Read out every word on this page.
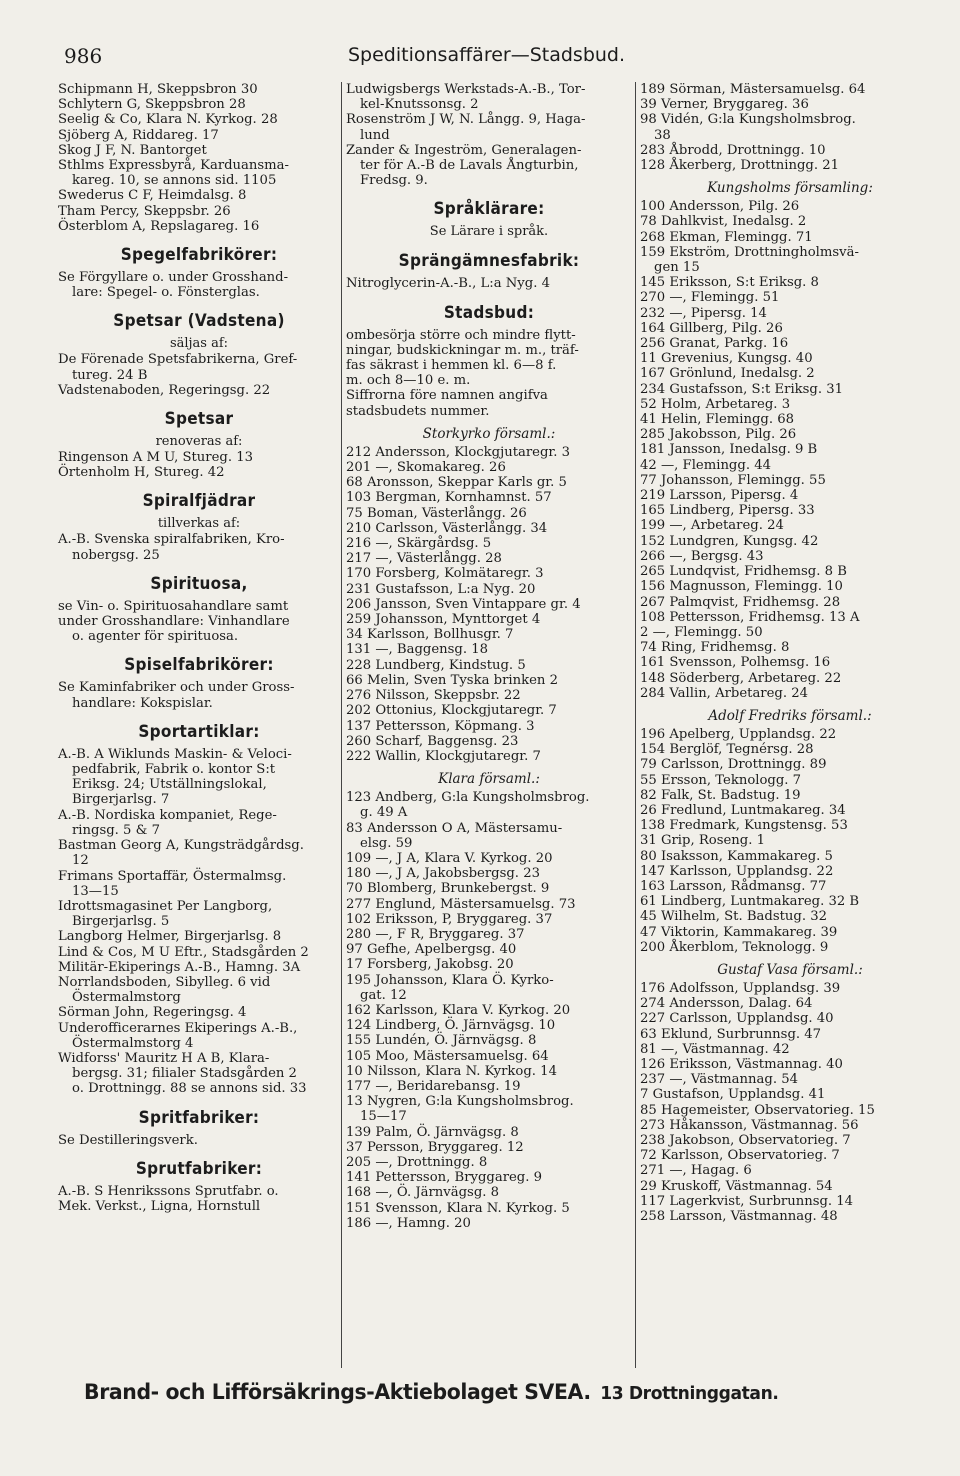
986	Speditionsaffärer—Stadsbud.
Schipmann H, Skeppsbron 30
Schlytern G, Skeppsbron 28
Seelig & Co, Klara N. Kyrkog. 28
Sjöberg A, Riddareg. 17
Skog J F, N. Bantorget
Sthlms Expressbyrå, Karduansma-
kareg. 10, se annons sid. 1105
Swederus C F, Heimdalsg. 8
Tham Percy, Skeppsbr. 26
Österblom A, Repslagareg. 16
Spegelfabrikörer:
Se Förgyllare o. under Grosshand-
lare: Spegel- o. Fönsterglas.
Spetsar (Vadstena)
säljas af:
De Förenade Spetsfabrikerna, Gref-
tureg. 24 B
Vadstenaboden, Regeringsg. 22
Spetsar
renoveras af:
Ringenson A M U, Stureg. 13
Örtenholm H, Stureg. 42
Spiralfjädrar
tillverkas af:
A.-B. Svenska spiralfabriken, Kro-
nobergsg. 25
Spirituosa,
se Vin- o. Spirituosahandlare samt
under Grosshandlare: Vinhandlare
o. agenter för spirituosa.
Spiselfabrikörer:
Se Kaminfabriker och under Gross-
handlare: Kokspislar.
Sportartiklar:
A.-B. A Wiklunds Maskin- & Veloci-
pedfabrik, Fabrik o. kontor S:t
Eriksg. 24; Utställningslokal,
Birgerjarlsg. 7
A.-B. Nordiska kompaniet, Rege-
ringsg. 5 & 7
Bastman Georg A, Kungsträdgårdsg.
12
Frimans Sportaffär, Östermalmsg.
13—15
Idrottsmagasinet Per Langborg,
Birgerjarlsg. 5
Langborg Helmer, Birgerjarlsg. 8
Lind & Cos, M U Eftr., Stadsgården 2
Militär-Ekiperings A.-B., Hamng. 3A
Norrlandsboden, Sibylleg. 6 vid
Östermalmstorg
Sörman John, Regeringsg. 4
Underofficerarnes Ekiperings A.-B.,
Östermalmstorg 4
Widforss' Mauritz H A B, Klara-
bergsg. 31; filialer Stadsgården 2
o. Drottningg. 88 se annons sid. 33
Spritfabriker:
Se Destilleringsverk.
Sprutfabriker:
A.-B. S Henrikssons Sprutfabr. o.
Mek. Verkst., Ligna, Hornstull
Ludwigsbergs Werkstads-A.-B., Tor-
kel-Knutssonsg. 2
Rosenström J W, N. Långg. 9, Haga-
lund
Zander & Ingeström, Generalagen-
ter för A.-B de Lavals Ångturbin,
Fredsg. 9.
Språklärare:
Se Lärare i språk.
Sprängämnesfabrik:
Nitroglycerin-A.-B., L:a Nyg. 4
Stadsbud:
ombesörja större och mindre flytt-
ningar, budskickningar m. m., träf-
fas säkrast i hemmen kl. 6—8 f.
m. och 8—10 e. m.
Siffrorna före namnen angifva
stadsbudets nummer.
Storkyrko församl.:
212 Andersson, Klockgjutaregr. 3
201 —, Skomakareg. 26
68 Aronsson, Skeppar Karls gr. 5
103 Bergman, Kornhamnst. 57
75 Boman, Västerlångg. 26
210 Carlsson, Västerlångg. 34
216 —, Skärgårdsg. 5
217 —, Västerlångg. 28
170 Forsberg, Kolmätaregr. 3
231 Gustafsson, L:a Nyg. 20
206 Jansson, Sven Vintappare gr. 4
259 Johansson, Mynttorget 4
34 Karlsson, Bollhusgr. 7
131 —, Baggensg. 18
228 Lundberg, Kindstug. 5
66 Melin, Sven Tyska brinken 2
276 Nilsson, Skeppsbr. 22
202 Ottonius, Klockgjutaregr. 7
137 Pettersson, Köpmang. 3
260 Scharf, Baggensg. 23
222 Wallin, Klockgjutaregr. 7
Klara församl.:
123 Andberg, G:la Kungsholmsbrog.
g. 49 A
83 Andersson O A, Mästersamu-
elsg. 59
109 —, J A, Klara V. Kyrkog. 20
180 —, J A, Jakobsbergsg. 23
70 Blomberg, Brunkebergst. 9
277 Englund, Mästersamuelsg. 73
102 Eriksson, P, Bryggareg. 37
280 —, F R, Bryggareg. 37
97 Gefhe, Apelbergsg. 40
17 Forsberg, Jakobsg. 20
195 Johansson, Klara Ö. Kyrko-
gat. 12
162 Karlsson, Klara V. Kyrkog. 20
124 Lindberg, Ö. Järnvägsg. 10
155 Lundén, Ö. Järnvägsg. 8
105 Moo, Mästersamuelsg. 64
10 Nilsson, Klara N. Kyrkog. 14
177 —, Beridarebansg. 19
13 Nygren, G:la Kungsholmsbrog.
15—17
139 Palm, Ö. Järnvägsg. 8
37 Persson, Bryggareg. 12
205 —, Drottningg. 8
141 Pettersson, Bryggareg. 9
168 —, Ö. Järnvägsg. 8
151 Svensson, Klara N. Kyrkog. 5
186 —, Hamng. 20
189 Sörman, Mästersamuelsg. 64
39 Verner, Bryggareg. 36
98 Vidén, G:la Kungsholmsbrog.
38
283 Åbrodd, Drottningg. 10
128 Åkerberg, Drottningg. 21
Kungsholms församling:
100 Andersson, Pilg. 26
78 Dahlkvist, Inedalsg. 2
268 Ekman, Flemingg. 71
159 Ekström, Drottningholmsvä-
gen 15
145 Eriksson, S:t Eriksg. 8
270 —, Flemingg. 51
232 —, Pipersg. 14
164 Gillberg, Pilg. 26
256 Granat, Parkg. 16
11 Grevenius, Kungsg. 40
167 Grönlund, Inedalsg. 2
234 Gustafsson, S:t Eriksg. 31
52 Holm, Arbetareg. 3
41 Helin, Flemingg. 68
285 Jakobsson, Pilg. 26
181 Jansson, Inedalsg. 9 B
42 —, Flemingg. 44
77 Johansson, Flemingg. 55
219 Larsson, Pipersg. 4
165 Lindberg, Pipersg. 33
199 —, Arbetareg. 24
152 Lundgren, Kungsg. 42
266 —, Bergsg. 43
265 Lundqvist, Fridhemsg. 8 B
156 Magnusson, Flemingg. 10
267 Palmqvist, Fridhemsg. 28
108 Pettersson, Fridhemsg. 13 A
2 —, Flemingg. 50
74 Ring, Fridhemsg. 8
161 Svensson, Polhemsg. 16
148 Söderberg, Arbetareg. 22
284 Vallin, Arbetareg. 24
Adolf Fredriks församl.:
196 Apelberg, Upplandsg. 22
154 Berglöf, Tegnérsg. 28
79 Carlsson, Drottningg. 89
55 Ersson, Teknologg. 7
82 Falk, St. Badstug. 19
26 Fredlund, Luntmakareg. 34
138 Fredmark, Kungstensg. 53
31 Grip, Roseng. 1
80 Isaksson, Kammakareg. 5
147 Karlsson, Upplandsg. 22
163 Larsson, Rådmansg. 77
61 Lindberg, Luntmakareg. 32 B
45 Wilhelm, St. Badstug. 32
47 Viktorin, Kammakareg. 39
200 Åkerblom, Teknologg. 9
Gustaf Vasa församl.:
176 Adolfsson, Upplandsg. 39
274 Andersson, Dalag. 64
227 Carlsson, Upplandsg. 40
63 Eklund, Surbrunnsg. 47
81 —, Västmannag. 42
126 Eriksson, Västmannag. 40
237 —, Västmannag. 54
7 Gustafson, Upplandsg. 41
85 Hagemeister, Observatorieg. 15
273 Håkansson, Västmannag. 56
238 Jakobson, Observatorieg. 7
72 Karlsson, Observatorieg. 7
271 —, Hagag. 6
29 Kruskoff, Västmannag. 54
117 Lagerkvist, Surbrunnsg. 14
258 Larsson, Västmannag. 48
Brand- och Lifförsäkrings-Aktiebolaget SVEA. 13 Drottninggatan.
